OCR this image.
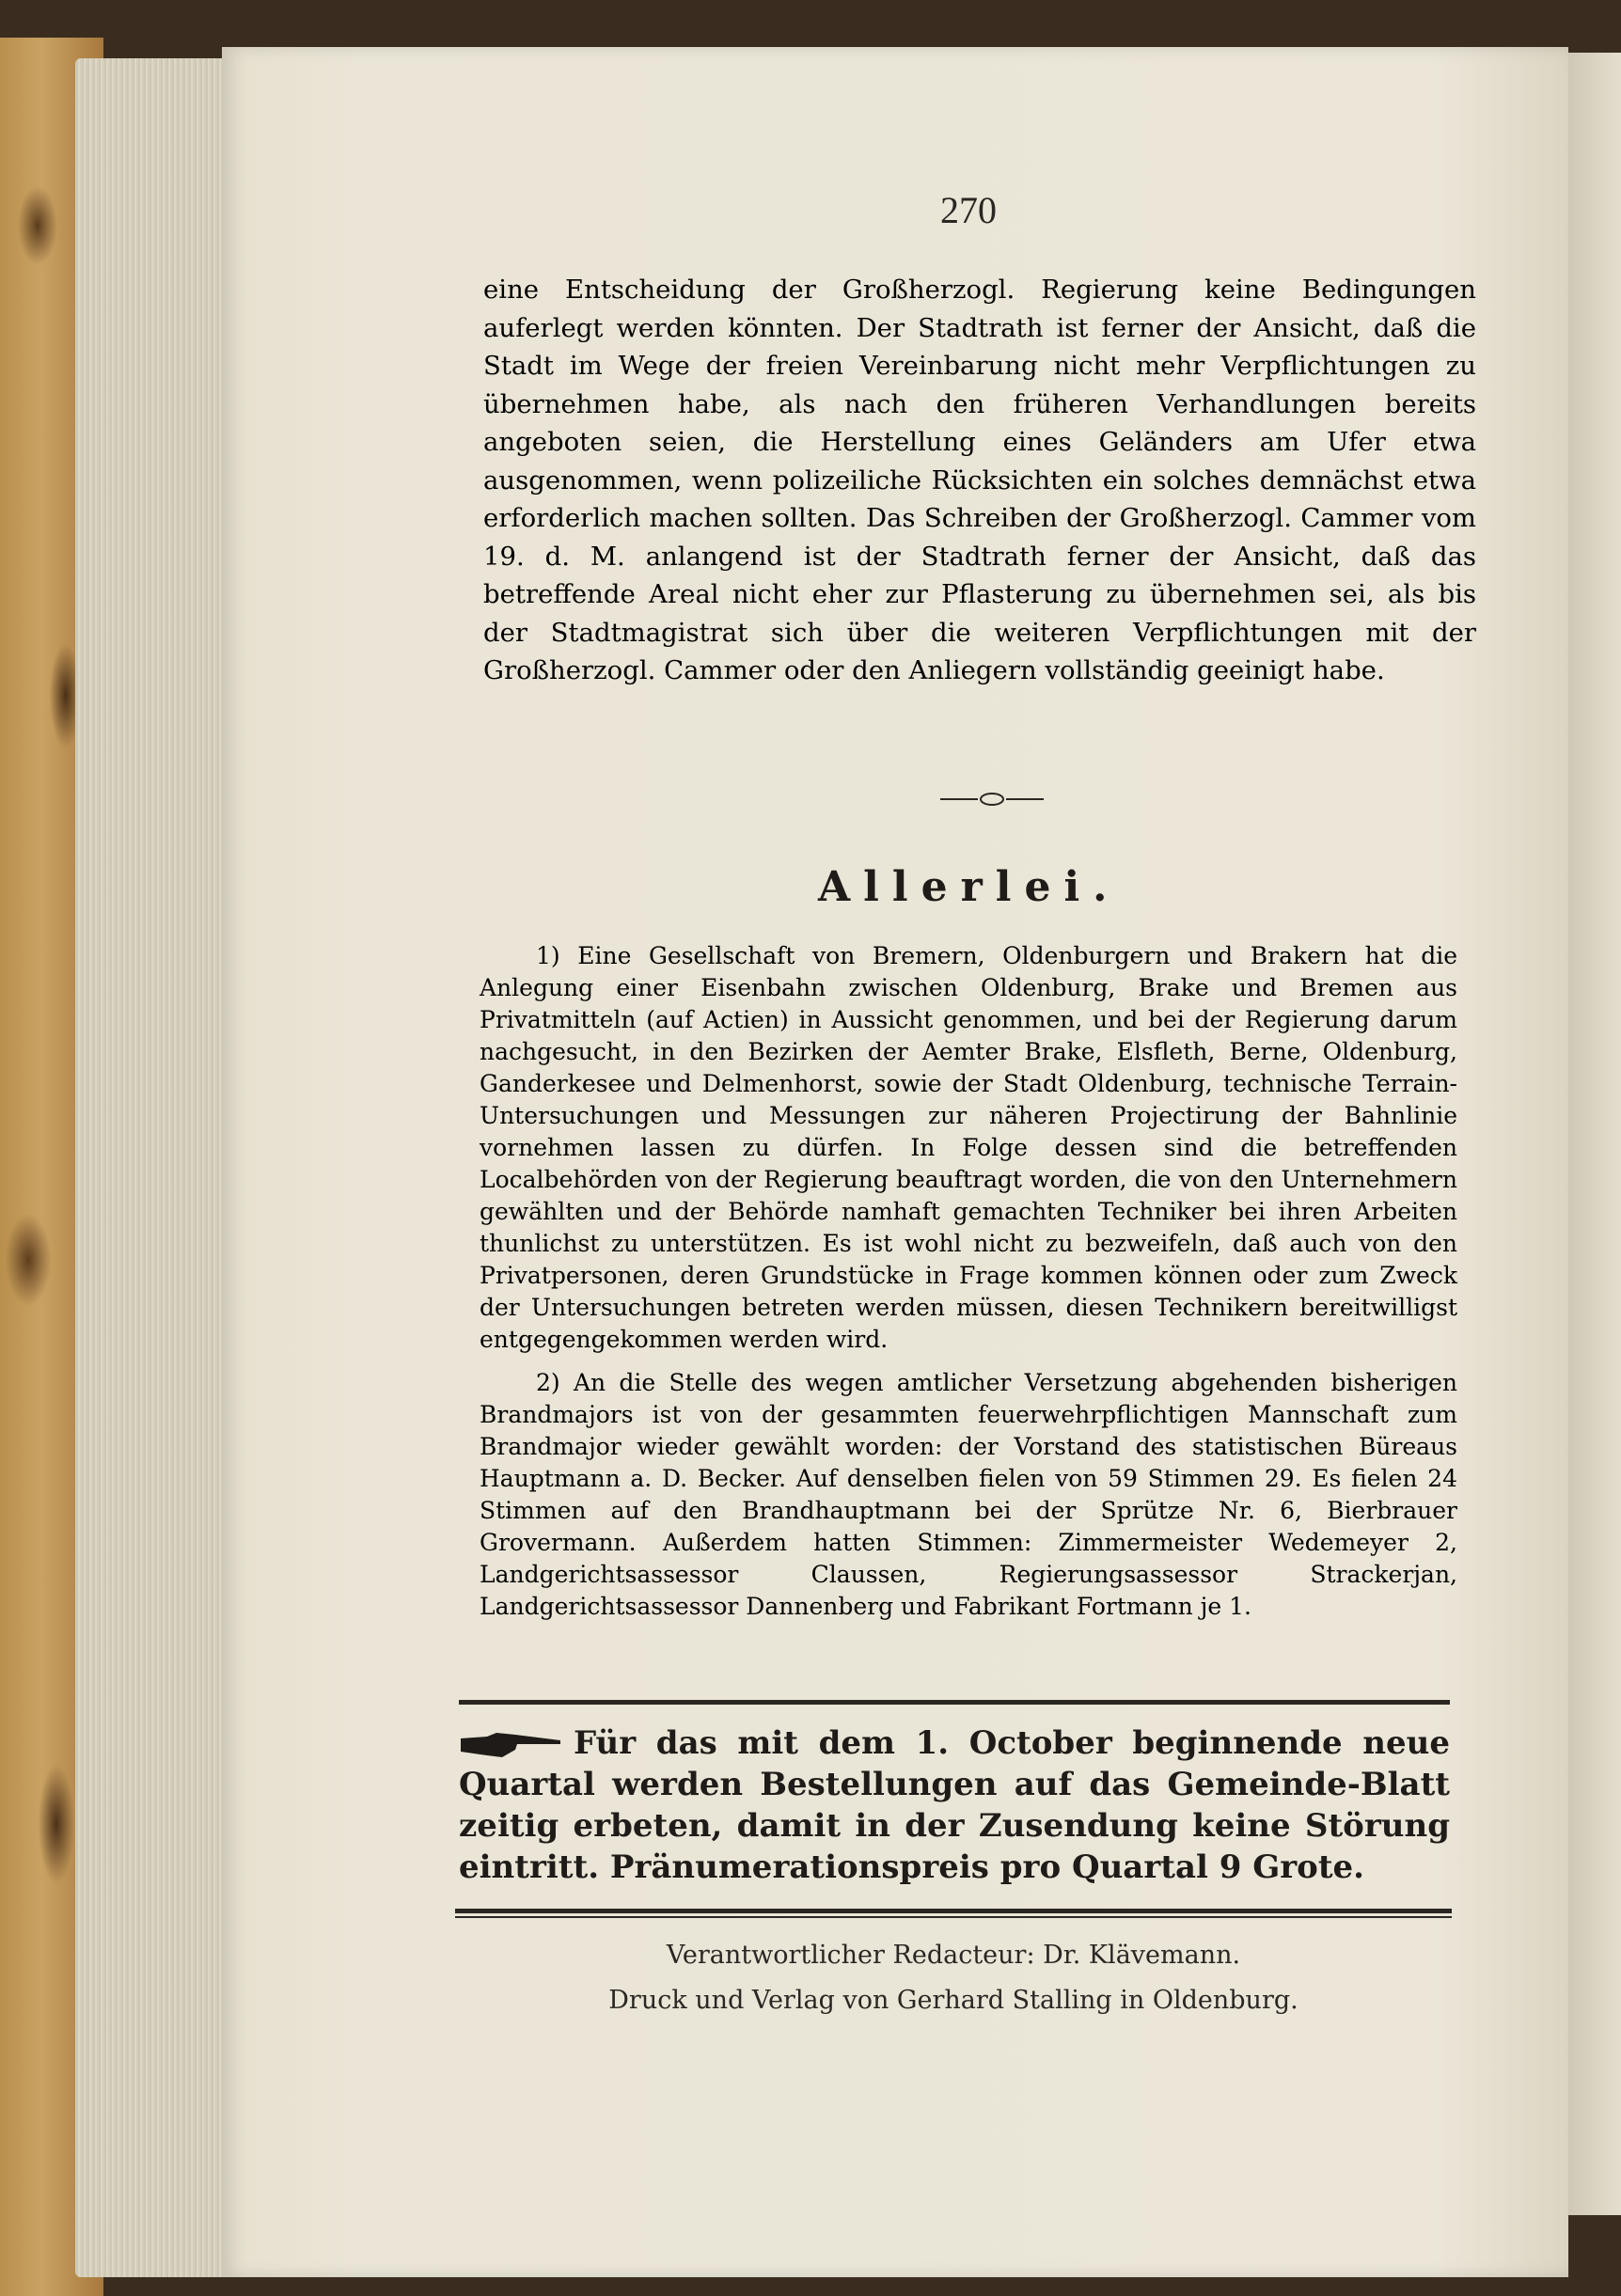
270

eine Entscheidung der Großherzogl. Regierung keine Bedingungen auferlegt werden könnten. Der Stadtrath ist ferner der Ansicht, daß die Stadt im Wege der freien Vereinbarung nicht mehr Verpflichtungen zu übernehmen habe, als nach den früheren Verhandlungen bereits angeboten seien, die Herstellung eines Geländers am Ufer etwa ausgenommen, wenn polizeiliche Rücksichten ein solches demnächst etwa erforderlich machen sollten. Das Schreiben der Großherzogl. Cammer vom 19. d. M. anlangend ist der Stadtrath ferner der Ansicht, daß das betreffende Areal nicht eher zur Pflasterung zu übernehmen sei, als bis der Stadtmagistrat sich über die weiteren Verpflichtungen mit der Großherzogl. Cammer oder den Anliegern vollständig geeinigt habe.

Allerlei.

1) Eine Gesellschaft von Bremern, Oldenburgern und Brakern hat die Anlegung einer Eisenbahn zwischen Oldenburg, Brake und Bremen aus Privatmitteln (auf Actien) in Aussicht genommen, und bei der Regierung darum nachgesucht, in den Bezirken der Aemter Brake, Elsfleth, Berne, Oldenburg, Ganderkesee und Delmenhorst, sowie der Stadt Oldenburg, technische Terrain-Untersuchungen und Messungen zur näheren Projectirung der Bahnlinie vornehmen lassen zu dürfen. In Folge dessen sind die betreffenden Localbehörden von der Regierung beauftragt worden, die von den Unternehmern gewählten und der Behörde namhaft gemachten Techniker bei ihren Arbeiten thunlichst zu unterstützen. Es ist wohl nicht zu bezweifeln, daß auch von den Privatpersonen, deren Grundstücke in Frage kommen können oder zum Zweck der Untersuchungen betreten werden müssen, diesen Technikern bereitwilligst entgegengekommen werden wird.

2) An die Stelle des wegen amtlicher Versetzung abgehenden bisherigen Brandmajors ist von der gesammten feuerwehrpflichtigen Mannschaft zum Brandmajor wieder gewählt worden: der Vorstand des statistischen Büreaus Hauptmann a. D. Becker. Auf denselben fielen von 59 Stimmen 29. Es fielen 24 Stimmen auf den Brandhauptmann bei der Sprütze Nr. 6, Bierbrauer Grovermann. Außerdem hatten Stimmen: Zimmermeister Wedemeyer 2, Landgerichtsassessor Claussen, Regierungsassessor Strackerjan, Landgerichtsassessor Dannenberg und Fabrikant Fortmann je 1.

Für das mit dem 1. October beginnende neue Quartal werden Bestellungen auf das Gemeinde-Blatt zeitig erbeten, damit in der Zusendung keine Störung eintritt. Pränumerationspreis pro Quartal 9 Grote.
Verantwortlicher Redacteur: Dr. Klävemann.
Druck und Verlag von Gerhard Stalling in Oldenburg.
